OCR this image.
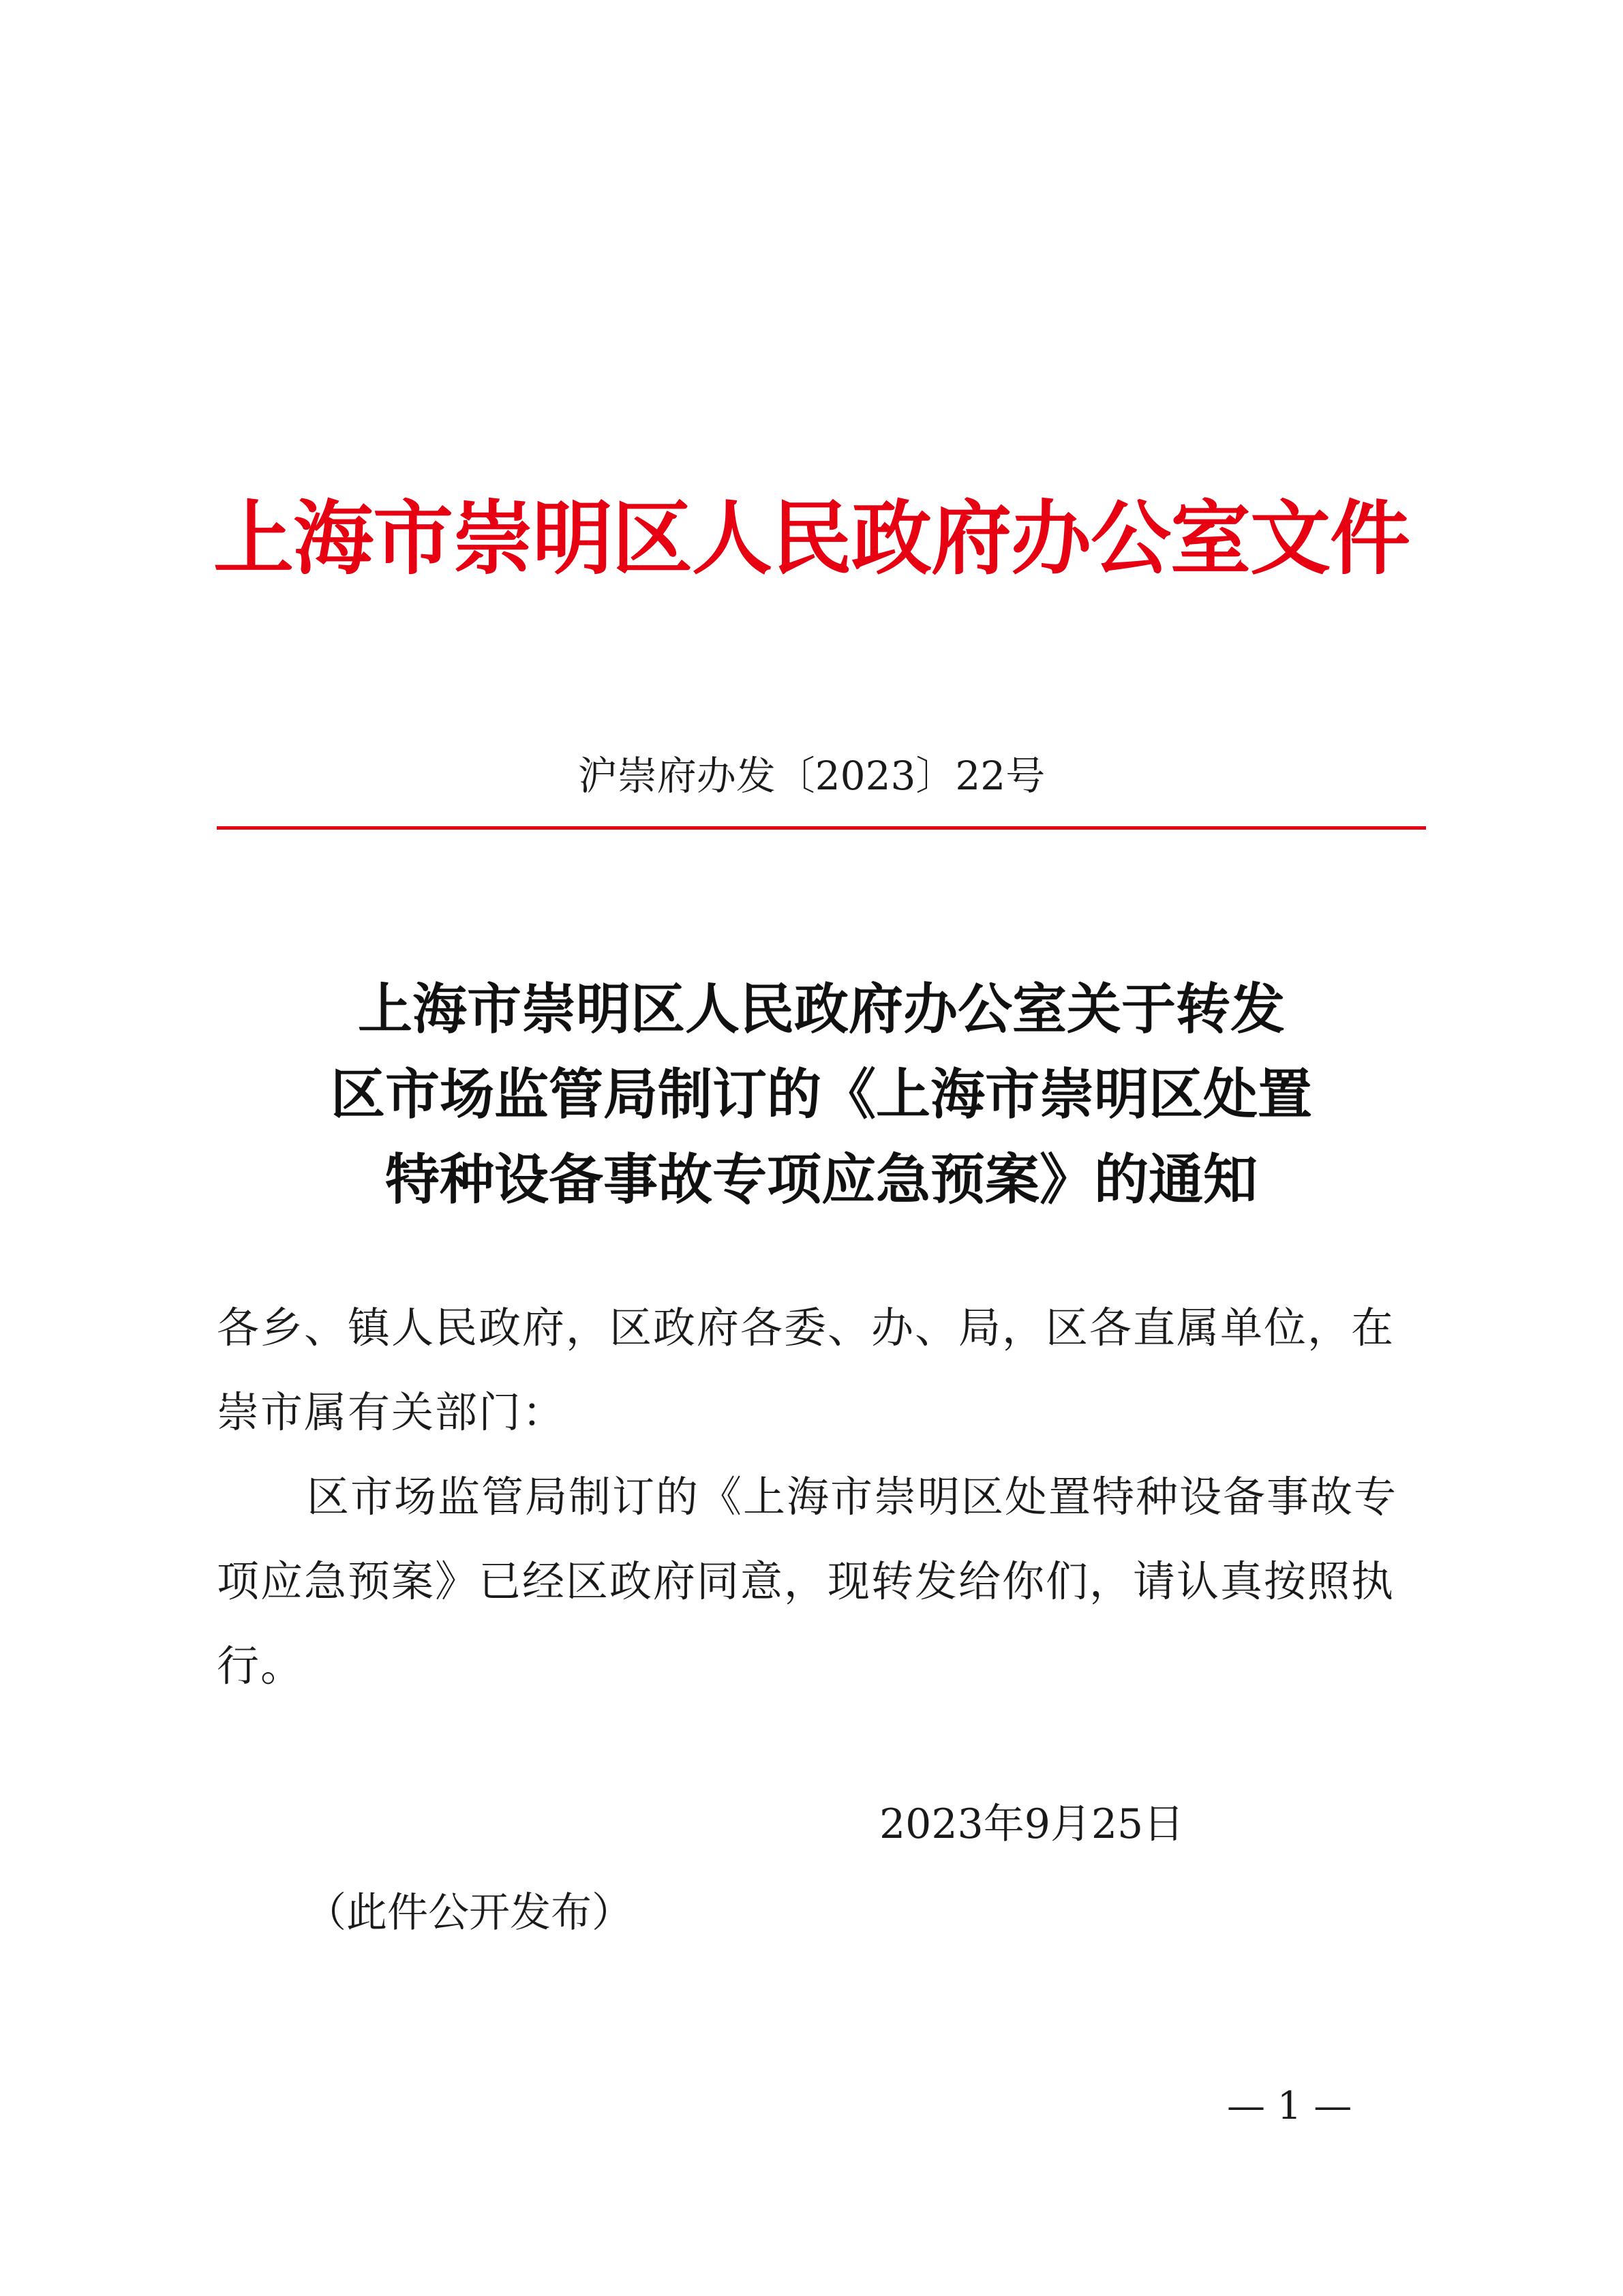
上海市崇明区人民政府办公室文件
沪崇府办发〔2023〕22号
上海市崇明区人民政府办公室关于转发
区市场监管局制订的《上海市崇明区处置
特种设备事故专项应急预案》的通知
各乡、镇人民政府，区政府各委、办、局，区各直属单位，在崇市属有关部门：
区市场监管局制订的《上海市崇明区处置特种设备事故专项应急预案》已经区政府同意，现转发给你们，请认真按照执行。
2023年9月25日
（此件公开发布）
— 1 —
